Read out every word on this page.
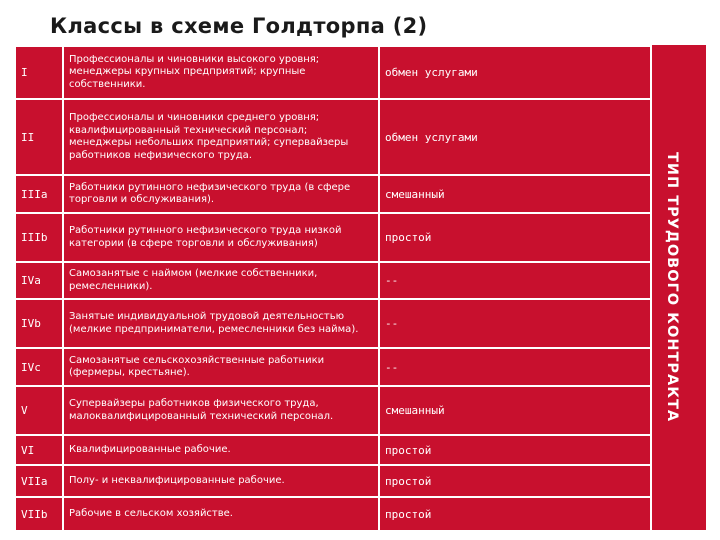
Классы в схеме Голдторпа (2)
I	Профессионалы и чиновники высокого уровня; менеджеры крупных предприятий; крупные собственники.	обмен услугами
II	Профессионалы и чиновники среднего уровня; квалифицированный технический персонал; менеджеры небольших предприятий; супервайзеры работников нефизического труда.	обмен услугами
IIIa	Работники рутинного нефизического труда (в сфере торговли и обслуживания).	смешанный
IIIb	Работники рутинного нефизического труда низкой категории (в сфере торговли и обслуживания)	простой
IVa	Самозанятые с наймом (мелкие собственники, ремесленники).	--
IVb	Занятые индивидуальной трудовой деятельностью (мелкие предприниматели, ремесленники без найма).	--
IVc	Самозанятые сельскохозяйственные работники (фермеры, крестьяне).	--
V	Супервайзеры работников физического труда, малоквалифицированный технический персонал.	смешанный
VI	Квалифицированные рабочие.	простой
VIIa	Полу- и неквалифицированные рабочие.	простой
VIIb	Рабочие в сельском хозяйстве.	простой
ТИП ТРУДОВОГО КОНТРАКТА
